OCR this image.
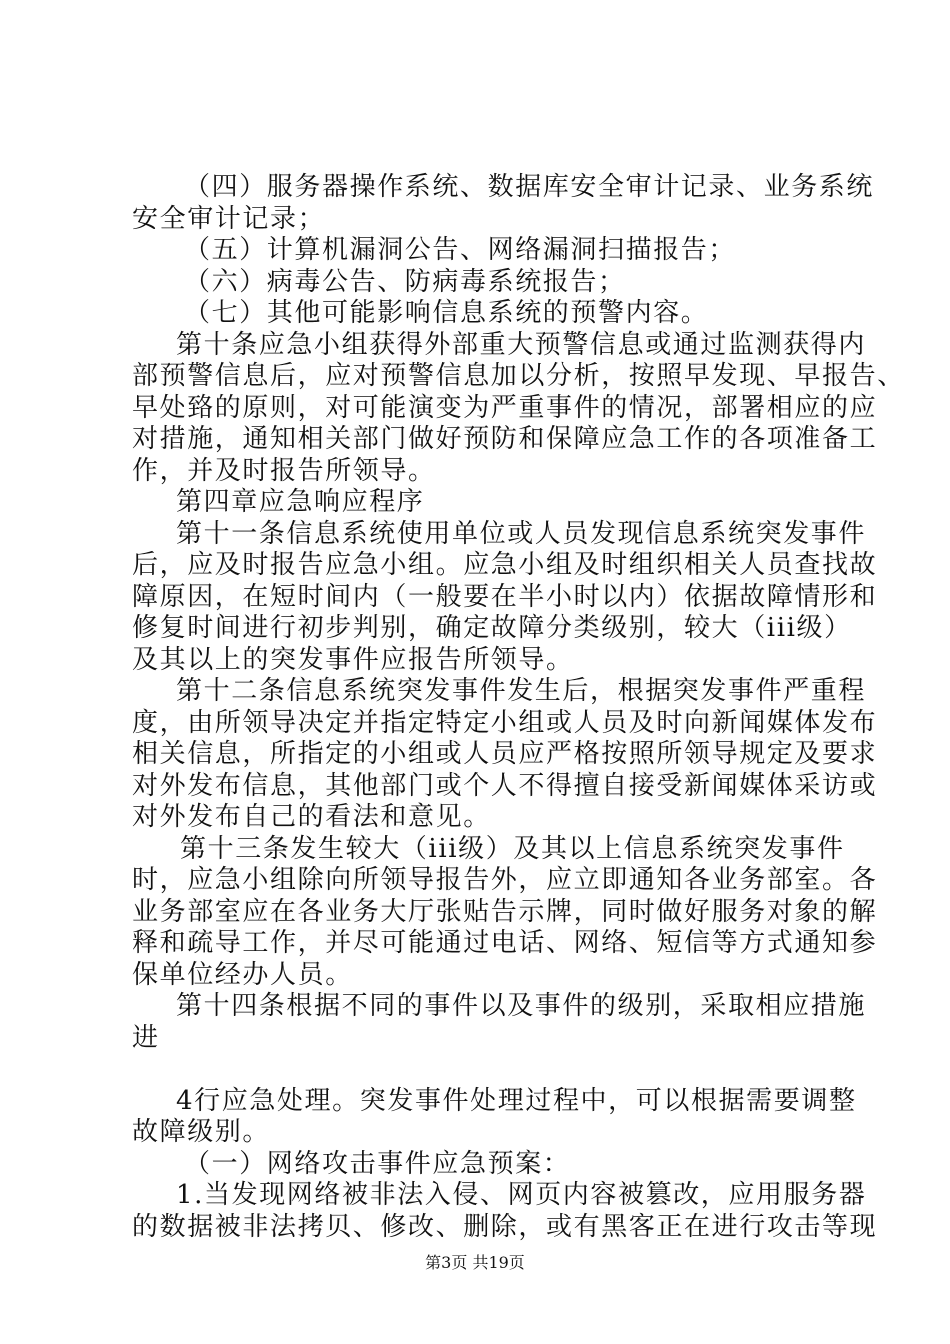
（四）服务器操作系统、数据库安全审计记录、业务系统
安全审计记录；
（五）计算机漏洞公告、网络漏洞扫描报告；
（六）病毒公告、防病毒系统报告；
（七）其他可能影响信息系统的预警内容。
第十条应急小组获得外部重大预警信息或通过监测获得内
部预警信息后，应对预警信息加以分析，按照早发现、早报告、
早处臵的原则，对可能演变为严重事件的情况，部署相应的应
对措施，通知相关部门做好预防和保障应急工作的各项准备工
作，并及时报告所领导。
第四章应急响应程序
第十一条信息系统使用单位或人员发现信息系统突发事件
后，应及时报告应急小组。应急小组及时组织相关人员查找故
障原因，在短时间内（一般要在半小时以内）依据故障情形和
修复时间进行初步判别，确定故障分类级别，较大（iii级）
及其以上的突发事件应报告所领导。
第十二条信息系统突发事件发生后，根据突发事件严重程
度，由所领导决定并指定特定小组或人员及时向新闻媒体发布
相关信息，所指定的小组或人员应严格按照所领导规定及要求
对外发布信息，其他部门或个人不得擅自接受新闻媒体采访或
对外发布自己的看法和意见。
第十三条发生较大（iii级）及其以上信息系统突发事件
时，应急小组除向所领导报告外，应立即通知各业务部室。各
业务部室应在各业务大厅张贴告示牌，同时做好服务对象的解
释和疏导工作，并尽可能通过电话、网络、短信等方式通知参
保单位经办人员。
第十四条根据不同的事件以及事件的级别，采取相应措施
进
4行应急处理。突发事件处理过程中，可以根据需要调整
故障级别。
（一）网络攻击事件应急预案：
1.当发现网络被非法入侵、网页内容被篡改，应用服务器
的数据被非法拷贝、修改、删除，或有黑客正在进行攻击等现
第3页 共19页
